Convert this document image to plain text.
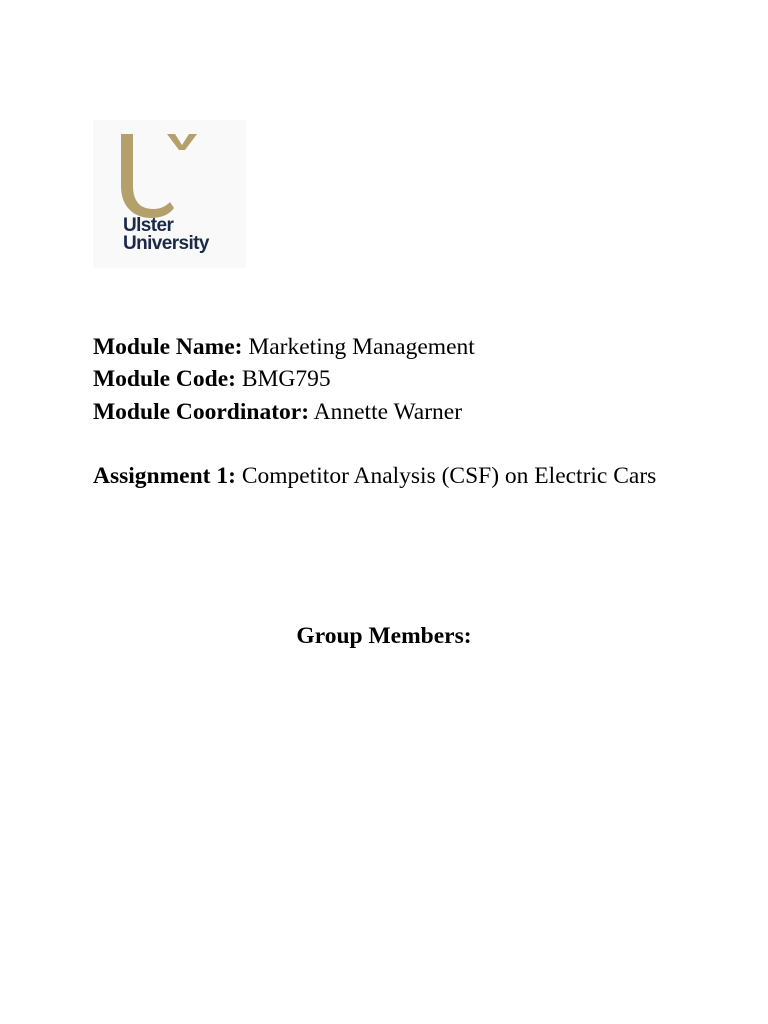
Ulster
University
Module Name: Marketing Management
Module Code: BMG795
Module Coordinator: Annette Warner
Assignment 1: Competitor Analysis (CSF) on Electric Cars
Group Members:
